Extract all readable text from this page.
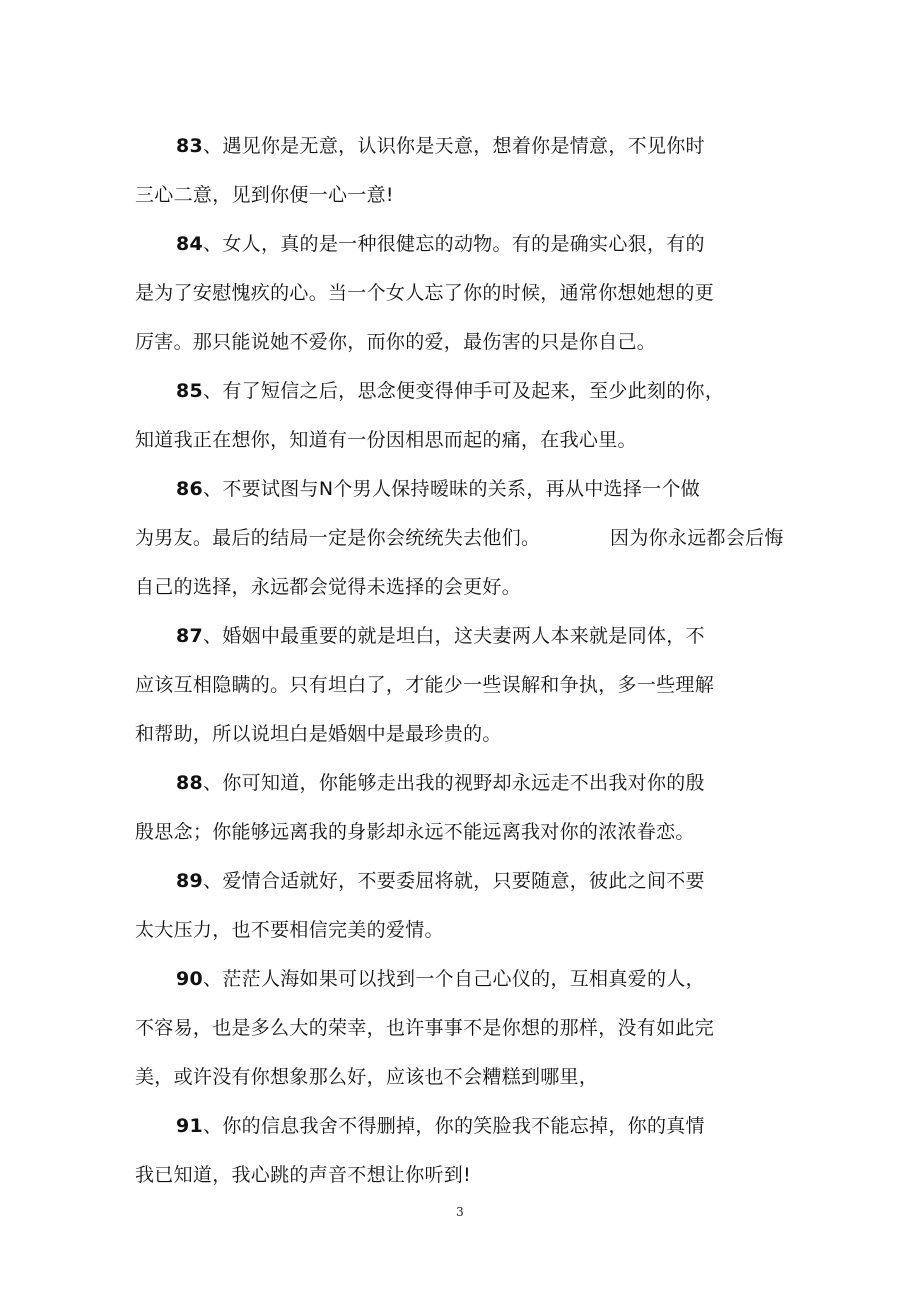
83、遇见你是无意，认识你是天意，想着你是情意，不见你时
三心二意，见到你便一心一意!
84、女人，真的是一种很健忘的动物。有的是确实心狠，有的
是为了安慰愧疚的心。当一个女人忘了你的时候，通常你想她想的更
厉害。那只能说她不爱你，而你的爱，最伤害的只是你自己。
85、有了短信之后，思念便变得伸手可及起来，至少此刻的你，
知道我正在想你，知道有一份因相思而起的痛，在我心里。
86、不要试图与N个男人保持暧昧的关系，再从中选择一个做
为男友。最后的结局一定是你会统统失去他们。           因为你永远都会后悔
自己的选择，永远都会觉得未选择的会更好。
87、婚姻中最重要的就是坦白，这夫妻两人本来就是同体，不
应该互相隐瞒的。只有坦白了，才能少一些误解和争执，多一些理解
和帮助，所以说坦白是婚姻中是最珍贵的。
88、你可知道，你能够走出我的视野却永远走不出我对你的殷
殷思念；你能够远离我的身影却永远不能远离我对你的浓浓眷恋。
89、爱情合适就好，不要委屈将就，只要随意，彼此之间不要
太大压力，也不要相信完美的爱情。
90、茫茫人海如果可以找到一个自己心仪的，互相真爱的人，
不容易，也是多么大的荣幸，也许事事不是你想的那样，没有如此完
美，或许没有你想象那么好，应该也不会糟糕到哪里，
91、你的信息我舍不得删掉，你的笑脸我不能忘掉，你的真情
我已知道，我心跳的声音不想让你听到!
3
